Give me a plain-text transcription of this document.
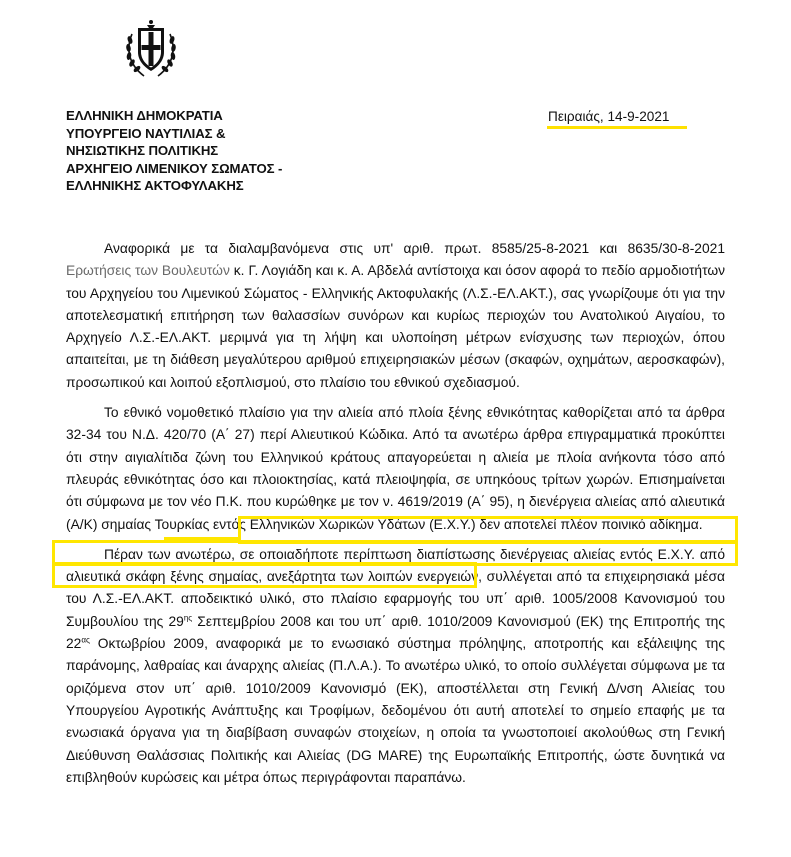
ΕΛΛΗΝΙΚΗ ΔΗΜΟΚΡΑΤΙΑ
ΥΠΟΥΡΓΕΙΟ ΝΑΥΤΙΛΙΑΣ &
ΝΗΣΙΩΤΙΚΗΣ ΠΟΛΙΤΙΚΗΣ
ΑΡΧΗΓΕΙΟ ΛΙΜΕΝΙΚΟΥ ΣΩΜΑΤΟΣ -
ΕΛΛΗΝΙΚΗΣ ΑΚΤΟΦΥΛΑΚΗΣ
Πειραιάς, 14-9-2021

Αναφορικά με τα διαλαμβανόμενα στις υπ' αριθ. πρωτ. 8585/25-8-2021 και 8635/30-8-2021 Ερωτήσεις των Βουλευτών κ. Γ. Λογιάδη και κ. Α. Αβδελά αντίστοιχα και όσον αφορά το πεδίο αρμοδιοτήτων του Αρχηγείου του Λιμενικού Σώματος - Ελληνικής Ακτοφυλακής (Λ.Σ.-ΕΛ.ΑΚΤ.), σας γνωρίζουμε ότι για την αποτελεσματική επιτήρηση των θαλασσίων συνόρων και κυρίως περιοχών του Ανατολικού Αιγαίου, το Αρχηγείο Λ.Σ.-ΕΛ.ΑΚΤ. μεριμνά για τη λήψη και υλοποίηση μέτρων ενίσχυσης των περιοχών, όπου απαιτείται, με τη διάθεση μεγαλύτερου αριθμού επιχειρησιακών μέσων (σκαφών, οχημάτων, αεροσκαφών), προσωπικού και λοιπού εξοπλισμού, στο πλαίσιο του εθνικού σχεδιασμού.

Το εθνικό νομοθετικό πλαίσιο για την αλιεία από πλοία ξένης εθνικότητας καθορίζεται από τα άρθρα 32-34 του Ν.Δ. 420/70 (Α΄ 27) περί Αλιευτικού Κώδικα. Από τα ανωτέρω άρθρα επιγραμματικά προκύπτει ότι στην αιγιαλίτιδα ζώνη του Ελληνικού κράτους απαγορεύεται η αλιεία με πλοία ανήκοντα τόσο από πλευράς εθνικότητας όσο και πλοιοκτησίας, κατά πλειοψηφία, σε υπηκόους τρίτων χωρών. Επισημαίνεται ότι σύμφωνα με τον νέο Π.Κ. που κυρώθηκε με τον ν. 4619/2019 (Α΄ 95), η διενέργεια αλιείας από αλιευτικά (Α/Κ) σημαίας Τουρκίας εντός Ελληνικών Χωρικών Υδάτων (Ε.Χ.Υ.) δεν αποτελεί πλέον ποινικό αδίκημα.

Πέραν των ανωτέρω, σε οποιαδήποτε περίπτωση διαπίστωσης διενέργειας αλιείας εντός Ε.Χ.Υ. από αλιευτικά σκάφη ξένης σημαίας, ανεξάρτητα των λοιπών ενεργειών, συλλέγεται από τα επιχειρησιακά μέσα του Λ.Σ.-ΕΛ.ΑΚΤ. αποδεικτικό υλικό, στο πλαίσιο εφαρμογής του υπ΄ αριθ. 1005/2008 Κανονισμού του Συμβουλίου της $29^{\eta\varsigma}$ Σεπτεμβρίου 2008 και του υπ΄ αριθ. 1010/2009 Κανονισμού (ΕΚ) της Επιτροπής της $22^{\alpha\varsigma}$ Οκτωβρίου 2009, αναφορικά με το ενωσιακό σύστημα πρόληψης, αποτροπής και εξάλειψης της παράνομης, λαθραίας και άναρχης αλιείας (Π.Λ.Α.). Το ανωτέρω υλικό, το οποίο συλλέγεται σύμφωνα με τα οριζόμενα στον υπ΄ αριθ. 1010/2009 Κανονισμό (ΕΚ), αποστέλλεται στη Γενική Δ/νση Αλιείας του Υπουργείου Αγροτικής Ανάπτυξης και Τροφίμων, δεδομένου ότι αυτή αποτελεί το σημείο επαφής με τα ενωσιακά όργανα για τη διαβίβαση συναφών στοιχείων, η οποία τα γνωστοποιεί ακολούθως στη Γενική Διεύθυνση Θαλάσσιας Πολιτικής και Αλιείας (DG MARE) της Ευρωπαϊκής Επιτροπής, ώστε δυνητικά να επιβληθούν κυρώσεις και μέτρα όπως περιγράφονται παραπάνω.
